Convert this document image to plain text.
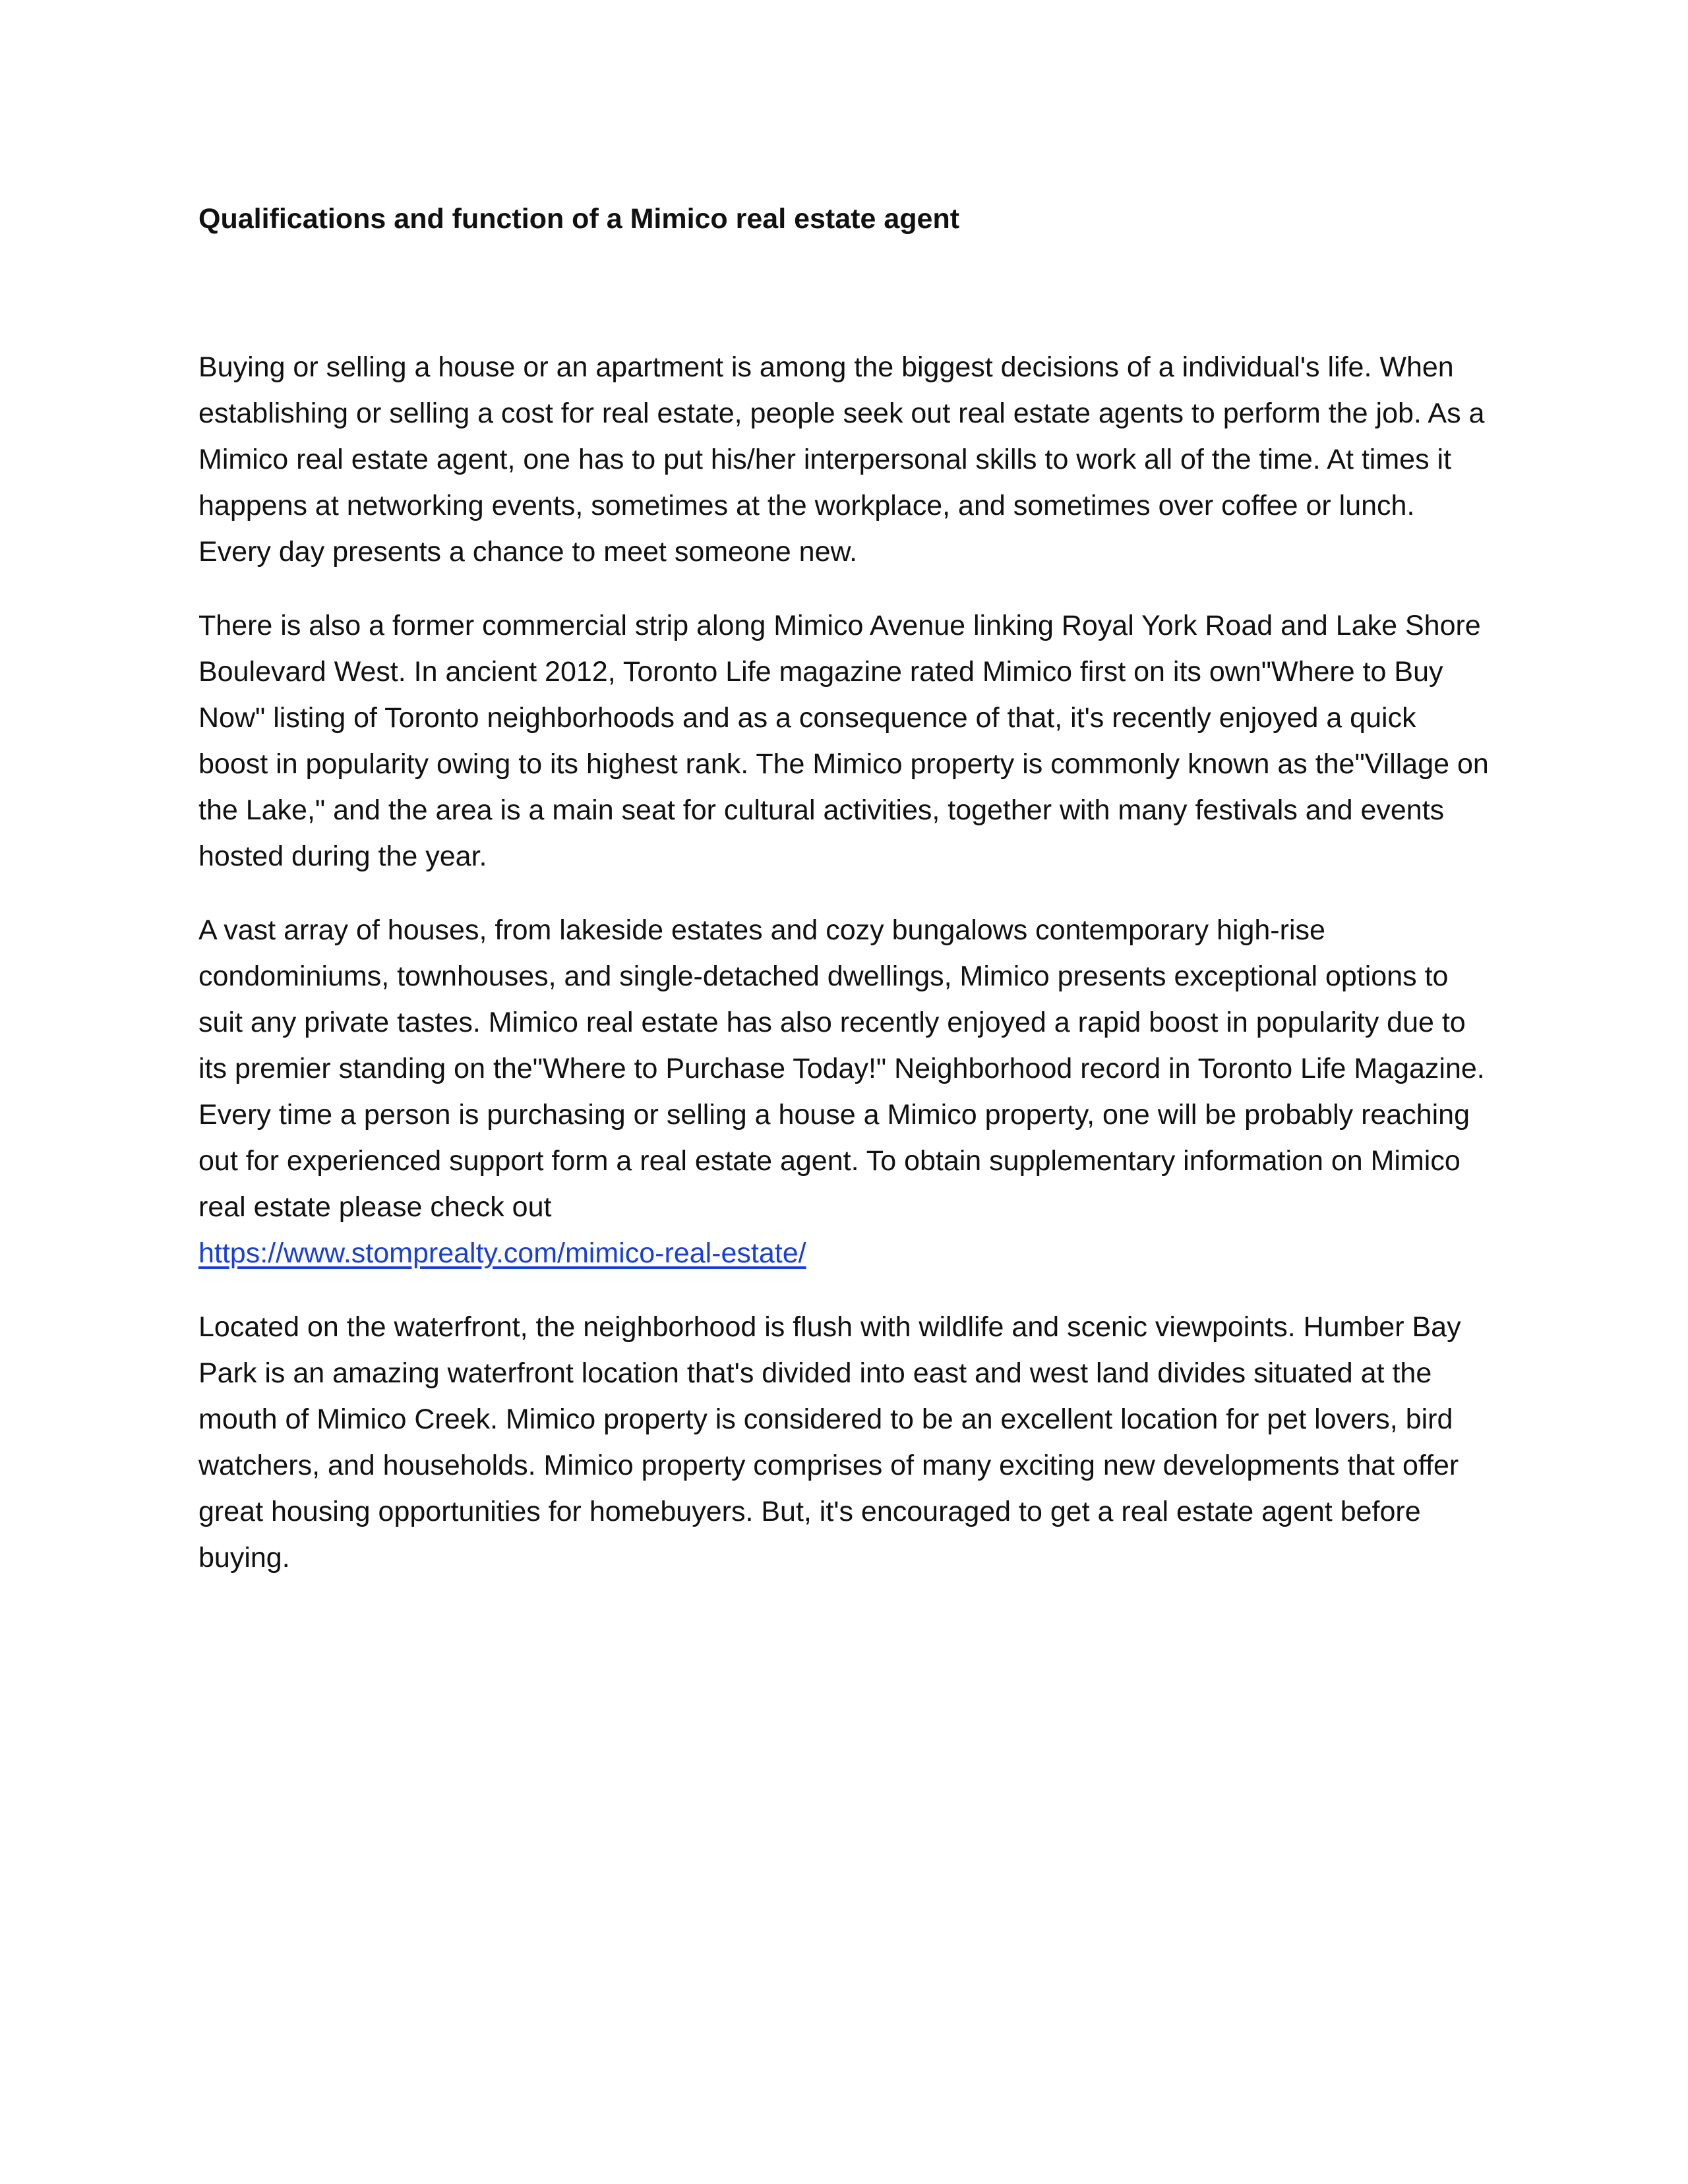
Qualifications and function of a Mimico real estate agent

Buying or selling a house or an apartment is among the biggest decisions of a individual's life. When establishing or selling a cost for real estate, people seek out real estate agents to perform the job. As a Mimico real estate agent, one has to put his/her interpersonal skills to work all of the time. At times it happens at networking events, sometimes at the workplace, and sometimes over coffee or lunch. Every day presents a chance to meet someone new.

There is also a former commercial strip along Mimico Avenue linking Royal York Road and Lake Shore Boulevard West. In ancient 2012, Toronto Life magazine rated Mimico first on its own"Where to Buy Now" listing of Toronto neighborhoods and as a consequence of that, it's recently enjoyed a quick boost in popularity owing to its highest rank. The Mimico property is commonly known as the"Village on the Lake," and the area is a main seat for cultural activities, together with many festivals and events hosted during the year.

A vast array of houses, from lakeside estates and cozy bungalows contemporary high-rise condominiums, townhouses, and single-detached dwellings, Mimico presents exceptional options to suit any private tastes. Mimico real estate has also recently enjoyed a rapid boost in popularity due to its premier standing on the"Where to Purchase Today!" Neighborhood record in Toronto Life Magazine. Every time a person is purchasing or selling a house a Mimico property, one will be probably reaching out for experienced support form a real estate agent. To obtain supplementary information on Mimico real estate please check out
https://www.stomprealty.com/mimico-real-estate/

Located on the waterfront, the neighborhood is flush with wildlife and scenic viewpoints. Humber Bay Park is an amazing waterfront location that's divided into east and west land divides situated at the mouth of Mimico Creek. Mimico property is considered to be an excellent location for pet lovers, bird watchers, and households. Mimico property comprises of many exciting new developments that offer great housing opportunities for homebuyers. But, it's encouraged to get a real estate agent before buying.
